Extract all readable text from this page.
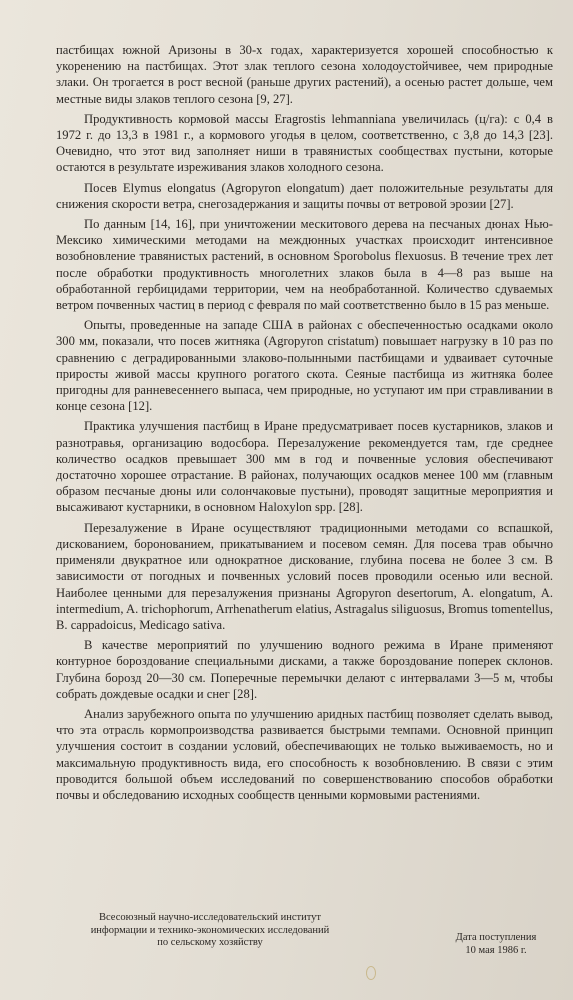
пастбищах южной Аризоны в 30-х годах, характеризуется хорошей способностью к укоренению на пастбищах. Этот злак теплого сезона холодоустойчивее, чем природные злаки. Он трогается в рост весной (раньше других растений), а осенью растет дольше, чем местные виды злаков теплого сезона [9, 27].

Продуктивность кормовой массы Eragrostis lehmanniana увеличилась (ц/га): с 0,4 в 1972 г. до 13,3 в 1981 г., а кормового угодья в целом, соответственно, с 3,8 до 14,3 [23]. Очевидно, что этот вид заполняет ниши в травянистых сообществах пустыни, которые остаются в результате изреживания злаков холодного сезона.

Посев Elymus elongatus (Agropyron elongatum) дает положительные результаты для снижения скорости ветра, снегозадержания и защиты почвы от ветровой эрозии [27].

По данным [14, 16], при уничтожении мескитового дерева на песчаных дюнах Нью-Мексико химическими методами на междюнных участках происходит интенсивное возобновление травянистых растений, в основном Sporobolus flexuosus. В течение трех лет после обработки продуктивность многолетних злаков была в 4—8 раз выше на обработанной гербицидами территории, чем на необработанной. Количество сдуваемых ветром почвенных частиц в период с февраля по май соответственно было в 15 раз меньше.

Опыты, проведенные на западе США в районах с обеспеченностью осадками около 300 мм, показали, что посев житняка (Agropyron cristatum) повышает нагрузку в 10 раз по сравнению с деградированными злаково-полынными пастбищами и удваивает суточные приросты живой массы крупного рогатого скота. Сеяные пастбища из житняка более пригодны для ранневесеннего выпаса, чем природные, но уступают им при стравливании в конце сезона [12].

Практика улучшения пастбищ в Иране предусматривает посев кустарников, злаков и разнотравья, организацию водосбора. Перезалужение рекомендуется там, где среднее количество осадков превышает 300 мм в год и почвенные условия обеспечивают достаточно хорошее отрастание. В районах, получающих осадков менее 100 мм (главным образом песчаные дюны или солончаковые пустыни), проводят защитные мероприятия и высаживают кустарники, в основном Haloxylon spp. [28].

Перезалужение в Иране осуществляют традиционными методами со вспашкой, дискованием, боронованием, прикатыванием и посевом семян. Для посева трав обычно применяли двукратное или однократное дискование, глубина посева не более 3 см. В зависимости от погодных и почвенных условий посев проводили осенью или весной. Наиболее ценными для перезалужения признаны Agropyron desertorum, A. elongatum, A. intermedium, A. trichophorum, Arrhenatherum elatius, Astragalus siliguosus, Bromus tomentellus, B. cappadoicus, Medicago sativa.

В качестве мероприятий по улучшению водного режима в Иране применяют контурное бороздование специальными дисками, а также бороздование поперек склонов. Глубина борозд 20—30 см. Поперечные перемычки делают с интервалами 3—5 м, чтобы собрать дождевые осадки и снег [28].

Анализ зарубежного опыта по улучшению аридных пастбищ позволяет сделать вывод, что эта отрасль кормопроизводства развивается быстрыми темпами. Основной принцип улучшения состоит в создании условий, обеспечивающих не только выживаемость, но и максимальную продуктивность вида, его способность к возобновлению. В связи с этим проводится большой объем исследований по совершенствованию способов обработки почвы и обследованию исходных сообществ ценными кормовыми растениями.

Всесоюзный научно-исследовательский институт
информации и технико-экономических исследований
по сельскому хозяйству	Дата поступления
10 мая 1986 г.
